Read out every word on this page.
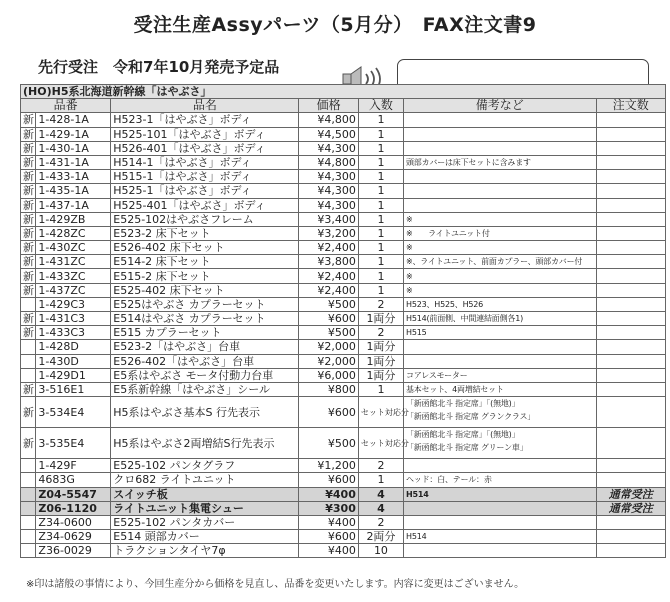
受注生産Assyパーツ（5月分）　FAX注文書9
先行受注　令和7年10月発売予定品
(HO)H5系北海道新幹線「はやぶさ」						
品番		品名	価格	入数	備考など	注文数
新	1-428-1A	H523-1「はやぶさ」ボディ	¥4,800	1		
新	1-429-1A	H525-101「はやぶさ」ボディ	¥4,500	1		
新	1-430-1A	H526-401「はやぶさ」ボディ	¥4,300	1		
新	1-431-1A	H514-1「はやぶさ」ボディ	¥4,800	1	頭部カバーは床下セットに含みます	
新	1-433-1A	H515-1「はやぶさ」ボディ	¥4,300	1		
新	1-435-1A	H525-1「はやぶさ」ボディ	¥4,300	1		
新	1-437-1A	H525-401「はやぶさ」ボディ	¥4,300	1		
新	1-429ZB	E525-102はやぶさフレーム	¥3,400	1	※	
新	1-428ZC	E523-2 床下セット	¥3,200	1	※　　ライトユニット付	
新	1-430ZC	E526-402 床下セット	¥2,400	1	※	
新	1-431ZC	E514-2 床下セット	¥3,800	1	※、ライトユニット、前面カプラー、頭部カバー付	
新	1-433ZC	E515-2 床下セット	¥2,400	1	※	
新	1-437ZC	E525-402 床下セット	¥2,400	1	※	
	1-429C3	E525はやぶさ カプラーセット	¥500	2	H523、H525、H526	
新	1-431C3	E514はやぶさ カプラーセット	¥600	1両分	H514(前面側、中間連結面側各1)	
新	1-433C3	E515 カプラーセット	¥500	2	H515	
	1-428D	E523-2「はやぶさ」台車	¥2,000	1両分		
	1-430D	E526-402「はやぶさ」台車	¥2,000	1両分		
	1-429D1	E5系はやぶさ モータ付動力台車	¥6,000	1両分	コアレスモーター	
新	3-516E1	E5系新幹線「はやぶさ」シール	¥800	1	基本セット、4両増結セット	
新	3-534E4	H5系はやぶさ基本S 行先表示	¥600	セット対応分	「新函館北斗 指定席」「(無地)」
「新函館北斗 指定席 グランクラス」	

新	3-535E4	H5系はやぶさ2両増結S行先表示	¥500	セット対応分	「新函館北斗 指定席」「(無地)」
「新函館北斗 指定席 グリーン車」	

	1-429F	E525-102 パンタグラフ	¥1,200	2		
	4683G	クロ682 ライトユニット	¥600	1	ヘッド：白、テール：赤	
	Z04-5547	スイッチ板	¥400	4	H514	通常受注
	Z06-1120	ライトユニット集電シュー	¥300	4		通常受注
	Z34-0600	E525-102 パンタカバー	¥400	2		
	Z34-0629	E514 頭部カバー	¥600	2両分	H514	
	Z36-0029	トラクションタイヤ7φ	¥400	10		
※印は諸般の事情により、今回生産分から価格を見直し、品番を変更いたします。内容に変更はございません。
